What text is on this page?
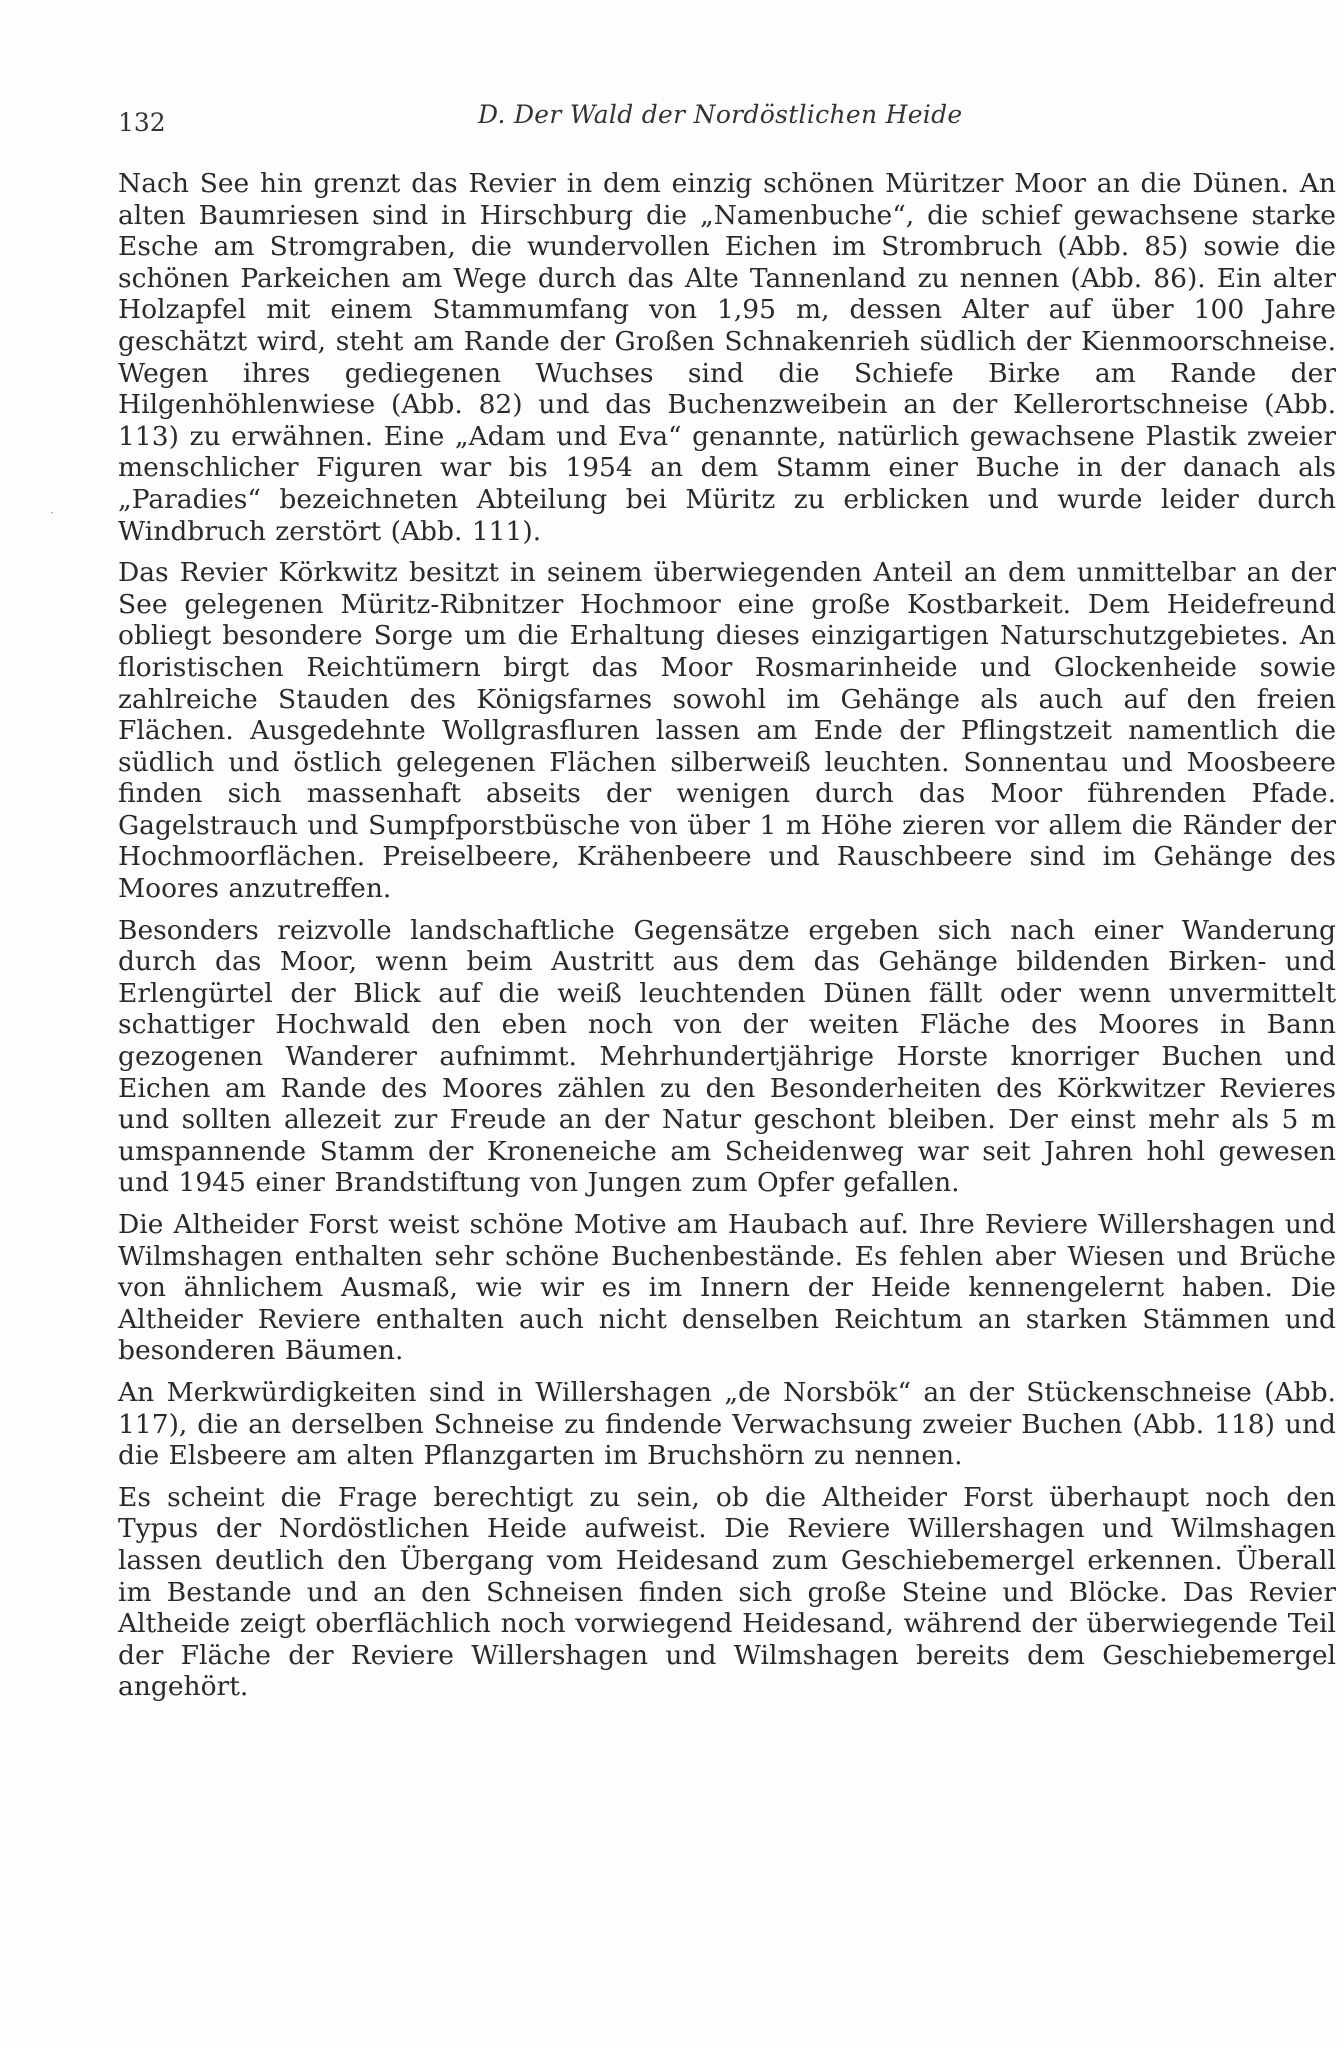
132	D. Der Wald der Nordöstlichen Heide
·

Nach See hin grenzt das Revier in dem einzig schönen Müritzer Moor an die Dünen. An alten Baumriesen sind in Hirschburg die „Namenbuche“, die schief gewachsene starke Esche am Stromgraben, die wundervollen Eichen im Strombruch (Abb. 85) sowie die schönen Parkeichen am Wege durch das Alte Tannenland zu nennen (Abb. 86). Ein alter Holzapfel mit einem Stammumfang von 1,95 m, dessen Alter auf über 100 Jahre geschätzt wird, steht am Rande der Großen Schnakenrieh südlich der Kienmoorschneise. Wegen ihres gediegenen Wuchses sind die Schiefe Birke am Rande der Hilgenhöhlenwiese (Abb. 82) und das Buchenzweibein an der Kellerortschneise (Abb. 113) zu erwähnen. Eine „Adam und Eva“ genannte, natürlich gewachsene Plastik zweier menschlicher Figuren war bis 1954 an dem Stamm einer Buche in der danach als „Paradies“ bezeichneten Abteilung bei Müritz zu erblicken und wurde leider durch Windbruch zerstört (Abb. 111).

Das Revier Körkwitz besitzt in seinem überwiegenden Anteil an dem unmittelbar an der See gelegenen Müritz-Ribnitzer Hochmoor eine große Kostbarkeit. Dem Heidefreund obliegt besondere Sorge um die Erhaltung dieses einzigartigen Naturschutzgebietes. An floristischen Reichtümern birgt das Moor Rosmarinheide und Glockenheide sowie zahlreiche Stauden des Königsfarnes sowohl im Gehänge als auch auf den freien Flächen. Ausgedehnte Wollgrasfluren lassen am Ende der Pflingstzeit namentlich die südlich und östlich gelegenen Flächen silberweiß leuchten. Sonnentau und Moosbeere finden sich massenhaft abseits der wenigen durch das Moor führenden Pfade. Gagelstrauch und Sumpfporstbüsche von über 1 m Höhe zieren vor allem die Ränder der Hochmoorflächen. Preiselbeere, Krähenbeere und Rauschbeere sind im Gehänge des Moores anzutreffen.

Besonders reizvolle landschaftliche Gegensätze ergeben sich nach einer Wanderung durch das Moor, wenn beim Austritt aus dem das Gehänge bildenden Birken- und Erlengürtel der Blick auf die weiß leuchtenden Dünen fällt oder wenn unvermittelt schattiger Hochwald den eben noch von der weiten Fläche des Moores in Bann gezogenen Wanderer aufnimmt. Mehrhundertjährige Horste knorriger Buchen und Eichen am Rande des Moores zählen zu den Besonderheiten des Körkwitzer Revieres und sollten allezeit zur Freude an der Natur geschont bleiben. Der einst mehr als 5 m umspannende Stamm der Kroneneiche am Scheidenweg war seit Jahren hohl gewesen und 1945 einer Brandstiftung von Jungen zum Opfer gefallen.

Die Altheider Forst weist schöne Motive am Haubach auf. Ihre Reviere Willershagen und Wilmshagen enthalten sehr schöne Buchenbestände. Es fehlen aber Wiesen und Brüche von ähnlichem Ausmaß, wie wir es im Innern der Heide kennengelernt haben. Die Altheider Reviere enthalten auch nicht denselben Reichtum an starken Stämmen und besonderen Bäumen.

An Merkwürdigkeiten sind in Willershagen „de Norsbök“ an der Stückenschneise (Abb. 117), die an derselben Schneise zu findende Verwachsung zweier Buchen (Abb. 118) und die Elsbeere am alten Pflanzgarten im Bruchshörn zu nennen.

Es scheint die Frage berechtigt zu sein, ob die Altheider Forst überhaupt noch den Typus der Nordöstlichen Heide aufweist. Die Reviere Willershagen und Wilmshagen lassen deutlich den Übergang vom Heidesand zum Geschiebemergel erkennen. Überall im Bestande und an den Schneisen finden sich große Steine und Blöcke. Das Revier Altheide zeigt oberflächlich noch vorwiegend Heidesand, während der überwiegende Teil der Fläche der Reviere Willershagen und Wilmshagen bereits dem Geschiebemergel angehört.
